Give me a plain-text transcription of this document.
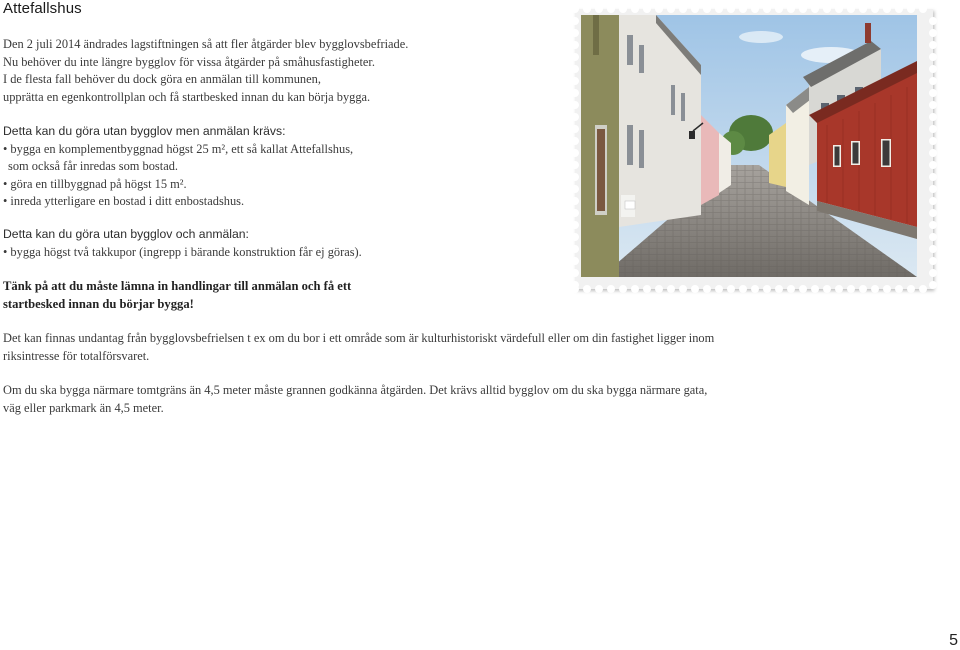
Attefallshus
Den 2 juli 2014 ändrades lagstiftningen så att fler åtgärder blev bygglovsbefriade.
Nu behöver du inte längre bygglov för vissa åtgärder på småhusfastigheter.
I de flesta fall behöver du dock göra en anmälan till kommunen,
upprätta en egenkontrollplan och få startbesked innan du kan börja bygga.
Detta kan du göra utan bygglov men anmälan krävs:
• bygga en komplementbyggnad högst 25 m², ett så kallat Attefallshus,
som också får inredas som bostad.
• göra en tillbyggnad på högst 15 m².
• inreda ytterligare en bostad i ditt enbostadshus.
Detta kan du göra utan bygglov och anmälan:
• bygga högst två takkupor (ingrepp i bärande konstruktion får ej göras).
Tänk på att du måste lämna in handlingar till anmälan och få ett
startbesked innan du börjar bygga!
Det kan finnas undantag från bygglovsbefrielsen t ex om du bor i ett område som är kulturhistoriskt värdefull eller om din fastighet ligger inom
riksintresse för totalförsvaret.
Om du ska bygga närmare tomtgräns än 4,5 meter måste grannen godkänna åtgärden. Det krävs alltid bygglov om du ska bygga närmare gata,
väg eller parkmark än 4,5 meter.
5
